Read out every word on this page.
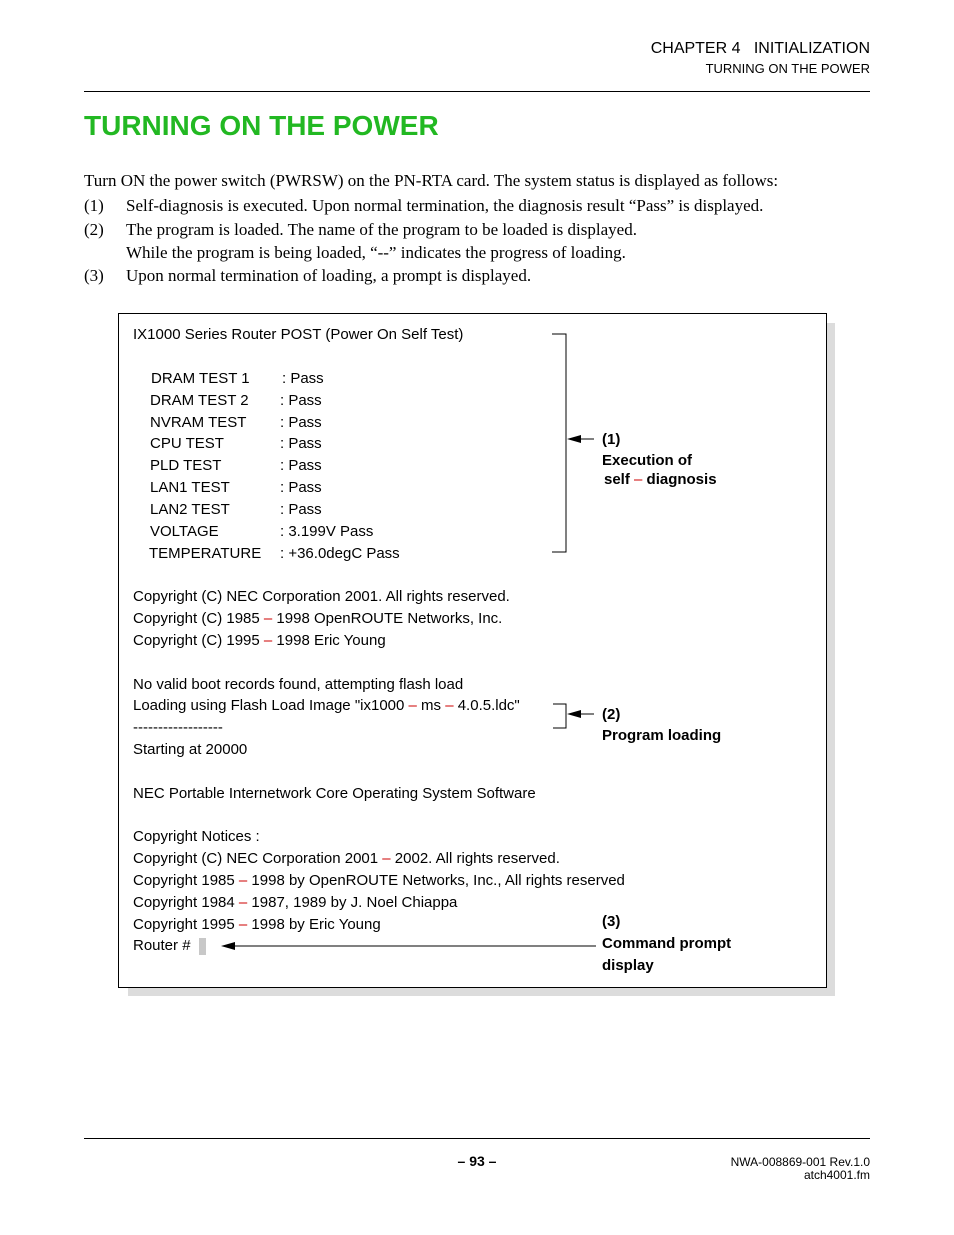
CHAPTER 4   INITIALIZATION
TURNING ON THE POWER
TURNING ON THE POWER
Turn ON the power switch (PWRSW) on the PN-RTA card. The system status is displayed as follows:
(1) Self-diagnosis is executed. Upon normal termination, the diagnosis result “Pass” is displayed.
(2) The program is loaded. The name of the program to be loaded is displayed.
While the program is being loaded, “--” indicates the progress of loading.
(3) Upon normal termination of loading, a prompt is displayed.
IX1000 Series Router POST (Power On Self Test)
DRAM TEST 1 : Pass
DRAM TEST 2 : Pass
NVRAM TEST : Pass
CPU TEST	: Pass
PLD TEST	: Pass
LAN1 TEST	: Pass
LAN2 TEST	: Pass
VOLTAGE	: 3.199V Pass
TEMPERATURE : +36.0degC Pass
Copyright (C) NEC Corporation 2001. All rights reserved.
Copyright (C) 1985 – 1998 OpenROUTE Networks, Inc.
Copyright (C) 1995 – 1998 Eric Young
No valid boot records found, attempting flash load
Loading using Flash Load Image "ix1000 – ms – 4.0.5.ldc"
------------------
Starting at 20000
NEC Portable Internetwork Core Operating System Software
Copyright Notices :
Copyright (C) NEC Corporation 2001 – 2002. All rights reserved.
Copyright 1985 – 1998 by OpenROUTE Networks, Inc., All rights reserved
Copyright 1984 – 1987, 1989 by J. Noel Chiappa
Copyright 1995 – 1998 by Eric Young
Router #
(1)
Execution of
self – diagnosis
(2)
Program loading
(3)
Command prompt
display
– 93 –	NWA-008869-001 Rev.1.0
atch4001.fm
